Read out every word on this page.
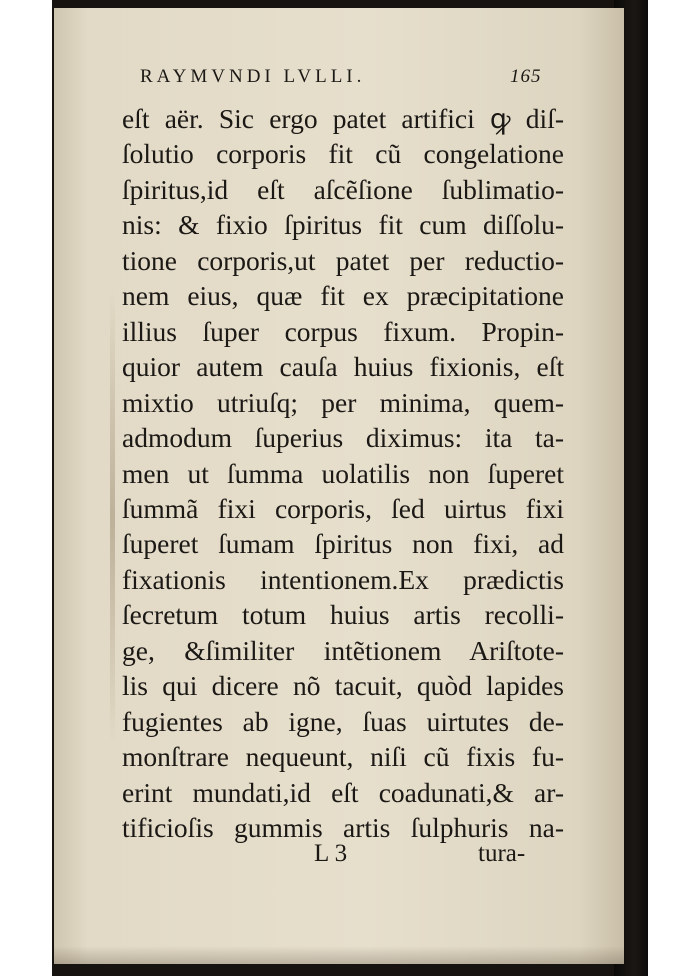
RAYMVNDI LVLLI.	165
eſt aër. Sic ergo patet artifici ꝙ diſ-
ſolutio corporis fit cũ congelatione
ſpiritus,id eſt aſcẽſione ſublimatio-
nis: & fixio ſpiritus fit cum diſſolu-
tione corporis,ut patet per reductio-
nem eius, quæ fit ex præcipitatione
illius ſuper corpus fixum. Propin-
quior autem cauſa huius fixionis, eſt
mixtio utriuſq; per minima, quem-
admodum ſuperius diximus: ita ta-
men ut ſumma uolatilis non ſuperet
ſummã fixi corporis, ſed uirtus fixi
ſuperet ſumam ſpiritus non fixi, ad
fixationis intentionem.Ex prædictis
ſecretum totum huius artis recolli-
ge, &ſimiliter intẽtionem Ariſtote-
lis qui dicere nõ tacuit, quòd lapides
fugientes ab igne, ſuas uirtutes de-
monſtrare nequeunt, niſi cũ fixis fu-
erint mundati,id eſt coadunati,& ar-
tificioſis gummis artis ſulphuris na-
L 3	tura-
